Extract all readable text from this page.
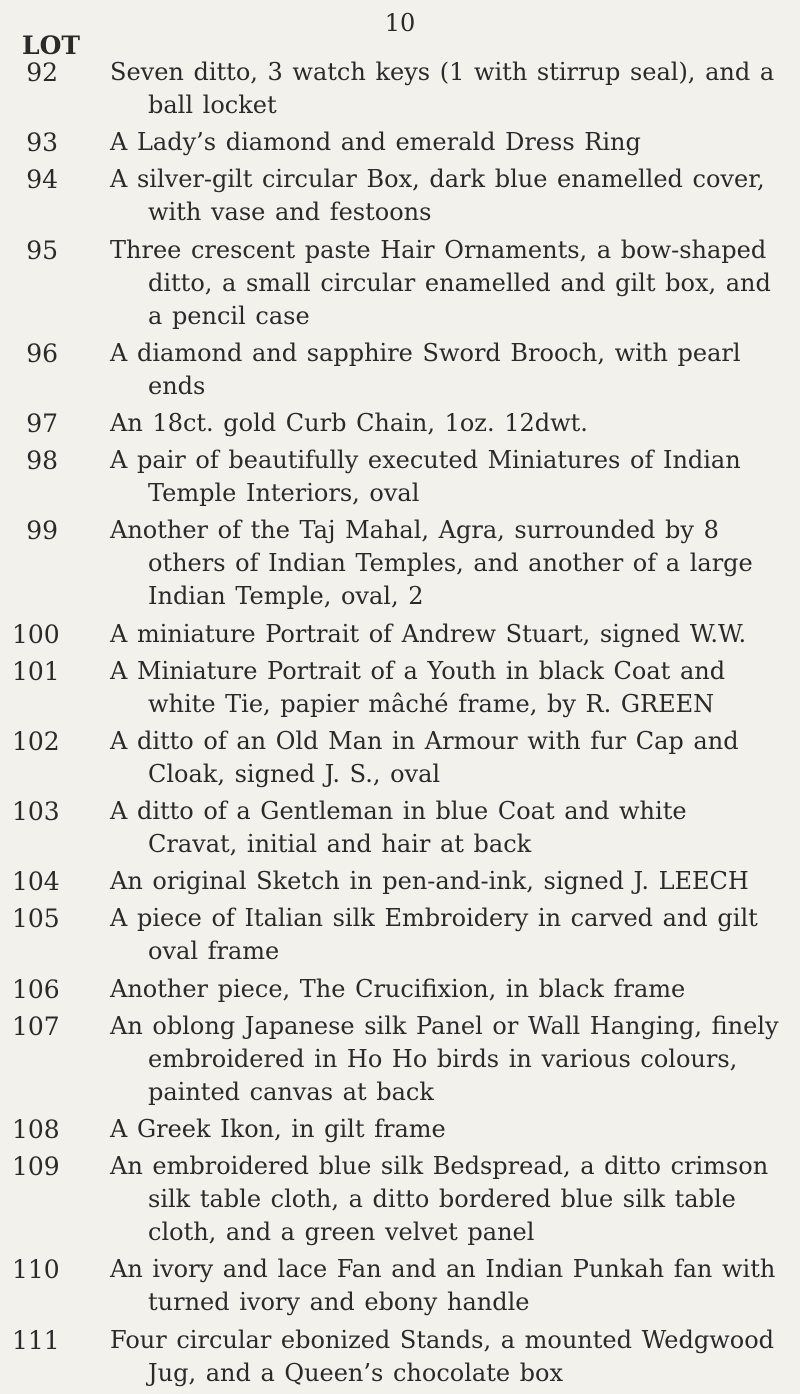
10
LOT
92 Seven ditto, 3 watch keys (1 with stirrup seal), and a ball locket
93 A Lady’s diamond and emerald Dress Ring
94 A silver-gilt circular Box, dark blue enamelled cover, with vase and festoons
95 Three crescent paste Hair Ornaments, a bow-shaped ditto, a small circular enamelled and gilt box, and a pencil case
96 A diamond and sapphire Sword Brooch, with pearl ends
97 An 18ct. gold Curb Chain, 1oz. 12dwt.
98 A pair of beautifully executed Miniatures of Indian Temple Interiors, oval
99 Another of the Taj Mahal, Agra, surrounded by 8 others of Indian Temples, and another of a large Indian Temple, oval, 2
100 A miniature Portrait of Andrew Stuart, signed W.W.
101 A Miniature Portrait of a Youth in black Coat and white Tie, papier mâché frame, by R. GREEN
102 A ditto of an Old Man in Armour with fur Cap and Cloak, signed J. S., oval
103 A ditto of a Gentleman in blue Coat and white Cravat, initial and hair at back
104 An original Sketch in pen-and-ink, signed J. LEECH
105 A piece of Italian silk Embroidery in carved and gilt oval frame
106 Another piece, The Crucifixion, in black frame
107 An oblong Japanese silk Panel or Wall Hanging, finely embroidered in Ho Ho birds in various colours, painted canvas at back
108 A Greek Ikon, in gilt frame
109 An embroidered blue silk Bedspread, a ditto crimson silk table cloth, a ditto bordered blue silk table cloth, and a green velvet panel
110 An ivory and lace Fan and an Indian Punkah fan with turned ivory and ebony handle
111 Four circular ebonized Stands, a mounted Wedgwood Jug, and a Queen’s chocolate box
